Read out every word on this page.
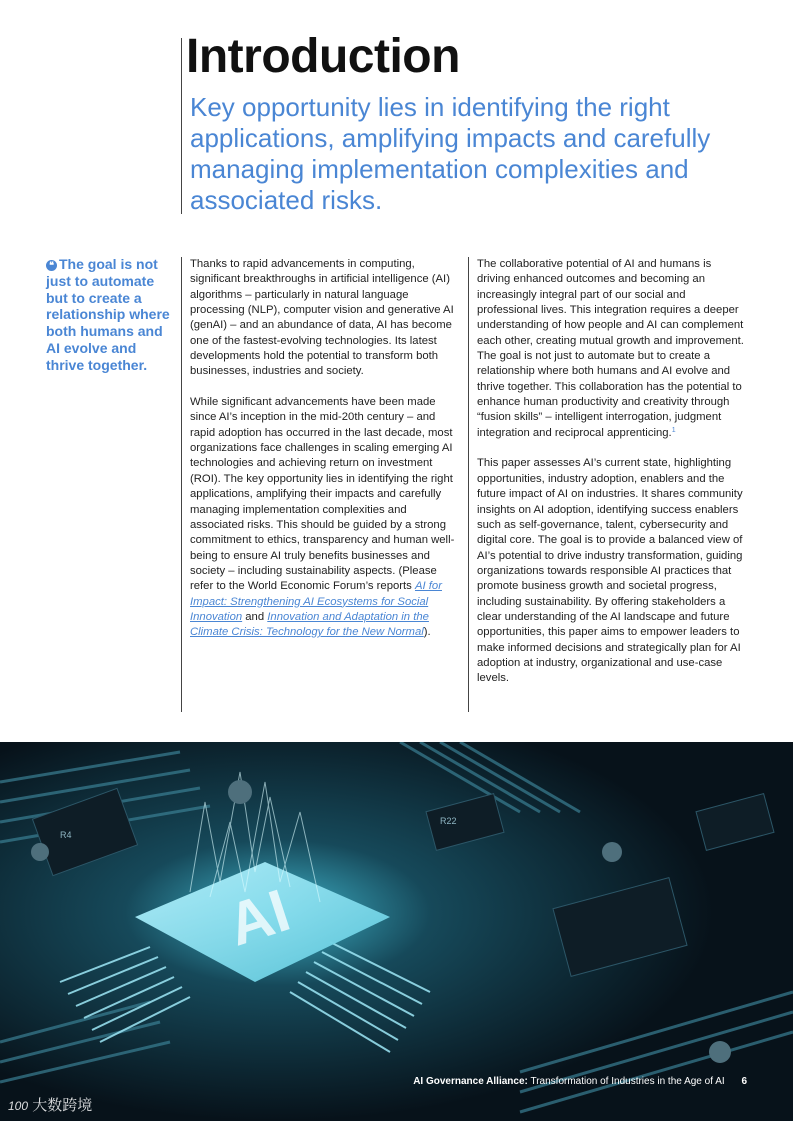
Introduction
Key opportunity lies in identifying the right applications, amplifying impacts and carefully managing implementation complexities and associated risks.
❝ The goal is not just to automate but to create a relationship where both humans and AI evolve and thrive together.

Thanks to rapid advancements in computing, significant breakthroughs in artificial intelligence (AI) algorithms – particularly in natural language processing (NLP), computer vision and generative AI (genAI) – and an abundance of data, AI has become one of the fastest-evolving technologies. Its latest developments hold the potential to transform both businesses, industries and society.

While significant advancements have been made since AI’s inception in the mid-20th century – and rapid adoption has occurred in the last decade, most organizations face challenges in scaling emerging AI technologies and achieving return on investment (ROI). The key opportunity lies in identifying the right applications, amplifying their impacts and carefully managing implementation complexities and associated risks. This should be guided by a strong commitment to ethics, transparency and human well-being to ensure AI truly benefits businesses and society – including sustainability aspects. (Please refer to the World Economic Forum’s reports AI for Impact: Strengthening AI Ecosystems for Social Innovation and Innovation and Adaptation in the Climate Crisis: Technology for the New Normal).

The collaborative potential of AI and humans is driving enhanced outcomes and becoming an increasingly integral part of our social and professional lives. This integration requires a deeper understanding of how people and AI can complement each other, creating mutual growth and improvement. The goal is not just to automate but to create a relationship where both humans and AI evolve and thrive together. This collaboration has the potential to enhance human productivity and creativity through “fusion skills” – intelligent interrogation, judgment integration and reciprocal apprenticing.$^1$

This paper assesses AI’s current state, highlighting opportunities, industry adoption, enablers and the future impact of AI on industries. It shares community insights on AI adoption, identifying success enablers such as self-governance, talent, cybersecurity and digital core. The goal is to provide a balanced view of AI’s potential to drive industry transformation, guiding organizations towards responsible AI practices that promote business growth and societal progress, including sustainability. By offering stakeholders a clear understanding of the AI landscape and future opportunities, this paper aims to empower leaders to make informed decisions and strategically plan for AI adoption at industry, organizational and use-case levels.

AI
R22
R4
AI Governance Alliance: Transformation of Industries in the Age of AI 6
100 大数跨境
